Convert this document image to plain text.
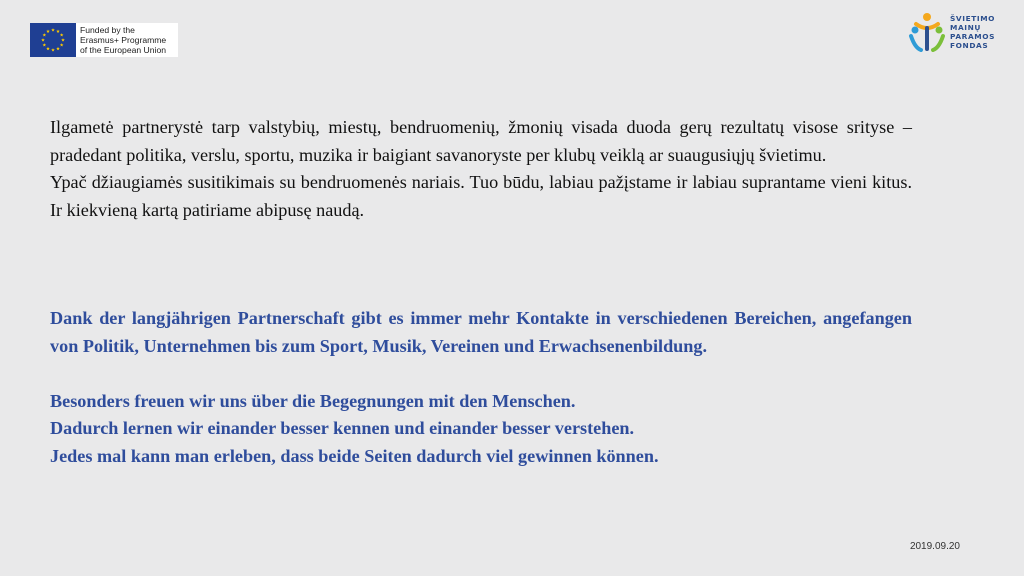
Funded by the
Erasmus+ Programme
of the European Union
ŠVIETIMO
MAINŲ
PARAMOS
FONDAS

Ilgametė partnerystė tarp valstybių, miestų, bendruomenių, žmonių visada duoda gerų rezultatų visose srityse – pradedant politika, verslu, sportu, muzika ir baigiant savanoryste per klubų veiklą ar suaugusiųjų švietimu.

Ypač džiaugiamės susitikimais su bendruomenės nariais. Tuo būdu, labiau pažįstame ir labiau suprantame vieni kitus. Ir kiekvieną kartą patiriame abipusę naudą.

Dank der langjährigen Partnerschaft gibt es immer mehr Kontakte in verschiedenen Bereichen, angefangen von Politik, Unternehmen bis zum Sport, Musik, Vereinen und Erwachsenenbildung.

Besonders freuen wir uns über die Begegnungen mit den Menschen.

Dadurch lernen wir einander besser kennen und einander besser verstehen.

Jedes mal kann man erleben, dass beide Seiten dadurch viel gewinnen können.

2019.09.20
